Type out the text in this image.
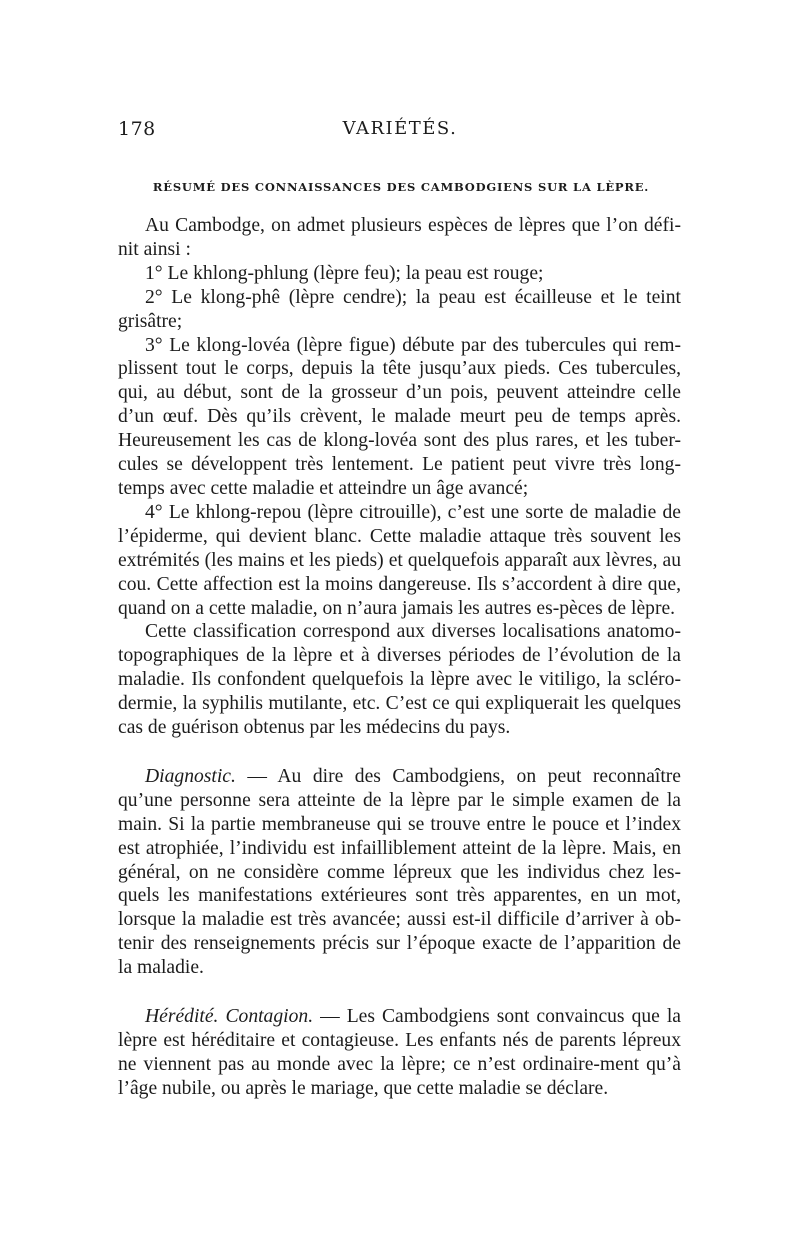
178	VARIÉTÉS.
RÉSUMÉ DES CONNAISSANCES DES CAMBODGIENS SUR LA LÈPRE.

Au Cambodge, on admet plusieurs espèces de lèpres que l’on défi-nit ainsi :

1° Le khlong-phlung (lèpre feu); la peau est rouge;

2° Le klong-phê (lèpre cendre); la peau est écailleuse et le teint grisâtre;

3° Le klong-lovéa (lèpre figue) débute par des tubercules qui rem-plissent tout le corps, depuis la tête jusqu’aux pieds. Ces tubercules, qui, au début, sont de la grosseur d’un pois, peuvent atteindre celle d’un œuf. Dès qu’ils crèvent, le malade meurt peu de temps après. Heureusement les cas de klong-lovéa sont des plus rares, et les tuber-cules se développent très lentement. Le patient peut vivre très long-temps avec cette maladie et atteindre un âge avancé;

4° Le khlong-repou (lèpre citrouille), c’est une sorte de maladie de l’épiderme, qui devient blanc. Cette maladie attaque très souvent les extrémités (les mains et les pieds) et quelquefois apparaît aux lèvres, au cou. Cette affection est la moins dangereuse. Ils s’accordent à dire que, quand on a cette maladie, on n’aura jamais les autres es-pèces de lèpre.

Cette classification correspond aux diverses localisations anatomo-topographiques de la lèpre et à diverses périodes de l’évolution de la maladie. Ils confondent quelquefois la lèpre avec le vitiligo, la scléro-dermie, la syphilis mutilante, etc. C’est ce qui expliquerait les quelques cas de guérison obtenus par les médecins du pays.

Diagnostic. — Au dire des Cambodgiens, on peut reconnaître qu’une personne sera atteinte de la lèpre par le simple examen de la main. Si la partie membraneuse qui se trouve entre le pouce et l’index est atrophiée, l’individu est infailliblement atteint de la lèpre. Mais, en général, on ne considère comme lépreux que les individus chez les-quels les manifestations extérieures sont très apparentes, en un mot, lorsque la maladie est très avancée; aussi est-il difficile d’arriver à ob-tenir des renseignements précis sur l’époque exacte de l’apparition de la maladie.

Hérédité. Contagion. — Les Cambodgiens sont convaincus que la lèpre est héréditaire et contagieuse. Les enfants nés de parents lépreux ne viennent pas au monde avec la lèpre; ce n’est ordinaire-ment qu’à l’âge nubile, ou après le mariage, que cette maladie se déclare.
